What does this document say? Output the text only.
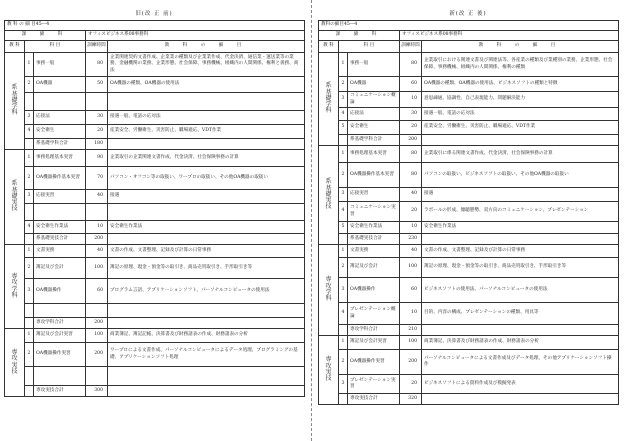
旧(改 正 前)
教 科 の 細 目45―4				
課 綿 科			オフィスビジネス系08事務科	
教 科	科 目		訓練時間	教 科 の 細 目
系基礎学科	1	事務一般	80	企業関連契約文書作成、企業業の種類及び企業業作成、代金決済、通信業・運送業等の業務、金融機関の業務、企業形態、社会保障、事務機械、組織内の人間関係、権利と義務、商法
	2	OA機器	50	OA機器の種類、OA機器の使用法

	3	応接法	30	接遇一般、電話の応対法
	4	安全衛生	20	産業安全、労働衛生、災害防止、職場適応、VDT作業
		系基礎学科合計	180	
系基礎実技	1	事務処理基本実習	90	企業取引の企業関連文書作成、代金決済、社会保険事務の計算
	2	OA機器操作基本実習	70	パソコン・オフコン等の取扱い、ワープロの取扱い、その他OA機器の取扱い
	3	応接実習	40	接遇

	4	安全衛生作業法	10	安全衛生作業法
		系基礎実技合計	200	
専攻学科	1	文書実務	40	文書の作成、文書整理、記録及び計算の日常事務
	2	簿記及び会計	100	簿記の原理、現金・預金等の取引き、商品売買取引き、手形取引き等
	3	OA機器操作	60	プログラム言語、アプリケーションソフト、パーソナルコンピュータの使用法

		専攻学科合計	200	
専攻実技	1	簿記及び会計実習	100	商業簿記、簿記記帳、決算書及び財務諸表の作成、財務諸表の分析
	2	OA機器操作実習	200	ワープロによる文書作成、パーソナルコンピュータによるデータ処理、プログラミングの基礎、アプリケーションソフト処理

		専攻実技合計	300	
新(改 正 後)
教科の細目45―4				
課 綿 科			オフィスビジネス系08事務科	
教 科	科 目		訓練時間	教 科 の 細 目
系基礎学科	1	事務一般	80	企業取引における関連文書及び関連法等、各産業の種類及び業種別の業務、企業形態、社会保障、事務機械、組織内の人間関係、権利の種類
	2	OA機器	60	OA機器の種類、OA機器の使用法、ビジネスソフトの種類と特徴
	3	コミュニケーション概論	10	意思疎通、協調性、自己表現能力、問題解決能力
	4	応接法	30	接遇一般、電話の応対法
	5	安全衛生	20	産業安全、労働衛生、災害防止、職場適応、VDT作業
		系基礎学科合計	200	
系基礎実技	1	事務処理基本実習	80	企業取引に係る関連文書作成、代金決済、社会保険事務の計算
	2	OA機器操作基本実習	80	パソコンの取扱い、ビジネスソフトの取扱い、その他OA機器の取扱い
	3	応接実習	40	接遇
	4	コミュニケーション実習	20	ラポールの形成、傾聴態勢、双方向のコミュニケーション、プレゼンテーション
	5	安全衛生作業法	10	安全衛生作業法
		系基礎実技合計	230	
専攻学科	1	文書実務	40	文書の作成、文書整理、記録及び計算の日常事務
	2	簿記及び会計	100	簿記の原理、現金・預金等の取引き、商品売買取引き、手形取引き等
	3	OA機器操作	60	ビジネスソフトの使用法、パーソナルコンピュータの使用法
	4	プレゼンテーション概論	10	目的、内容の構成、プレゼンテーションの種類、用具等
		専攻学科合計	210	
専攻実技	1	簿記及び会計実習	100	商業簿記、決算書及び財務諸表の作成、財務諸表の分析
	2	OA機器操作実習	200	パーソナルコンピュータによる文書作成及びデータ処理、その他アプリケーションソフト操作
	3	プレゼンテーション実習	20	ビジネスソフトによる資料作成及び模擬発表
		専攻実技合計	320	
